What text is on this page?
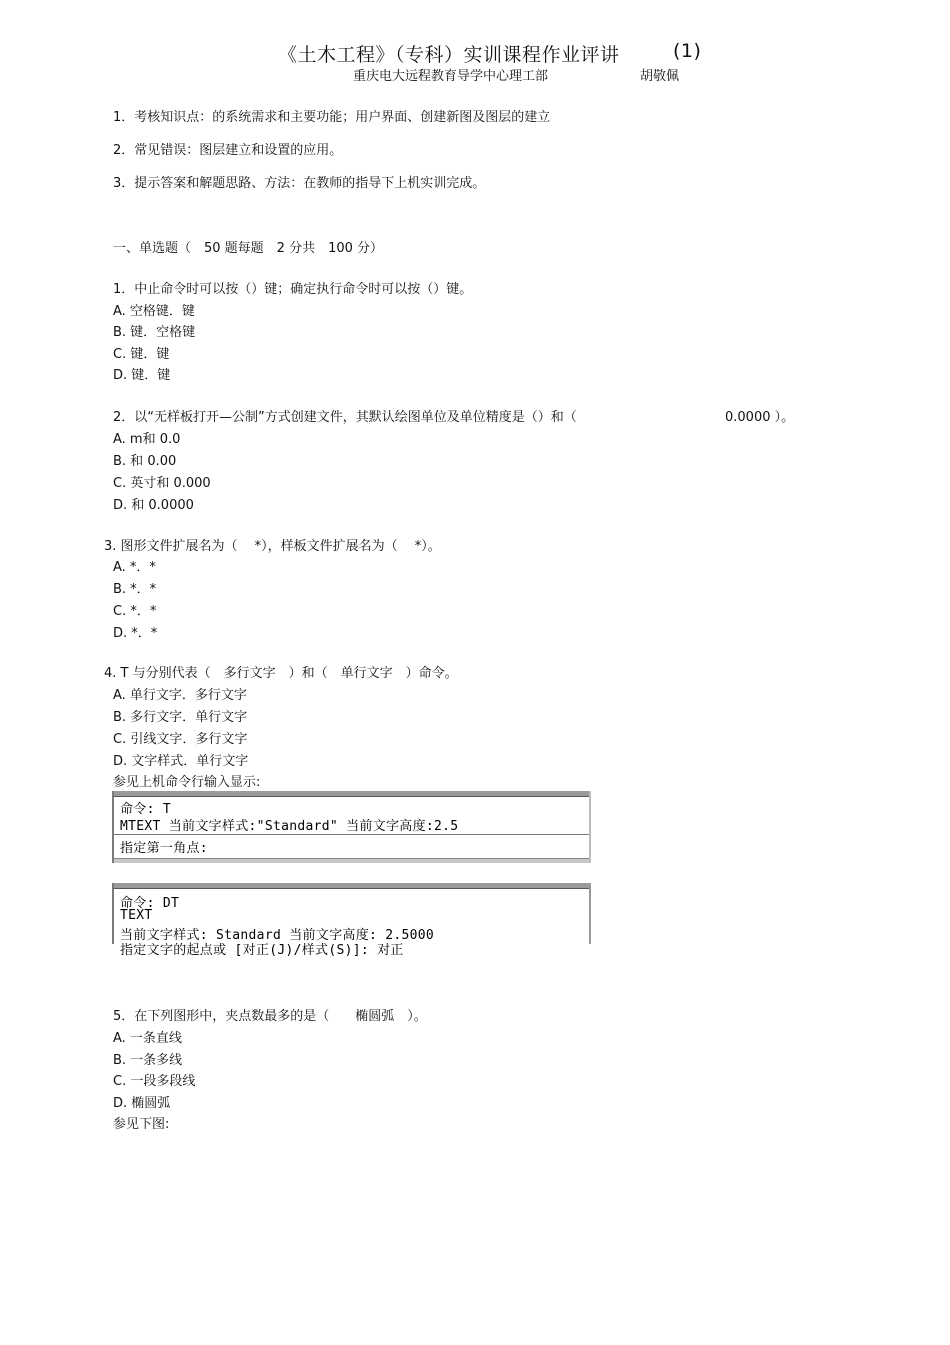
《土木工程》（专科）实训课程作业评讲	(1)
重庆电大远程教育导学中心理工部	胡敬佩
1．考核知识点：的系统需求和主要功能；用户界面、创建新图及图层的建立
2．常见错误：图层建立和设置的应用。
3．提示答案和解题思路、方法：在教师的指导下上机实训完成。
一、单选题（　50 题每题　2 分共　100 分）
1．中止命令时可以按（）键；确定执行命令时可以按（）键。
A. 空格键．键
B. 键．空格键
C. 键．键
D. 键．键
2．以“无样板打开—公制”方式创建文件，其默认绘图单位及单位精度是（）和（	0.0000 ）。
A. m和 0.0
B. 和 0.00
C. 英寸和 0.000
D. 和 0.0000
3. 图形文件扩展名为（　 *），样板文件扩展名为（　 *）。
A. *．*
B. *．*
C. *．*
D. *．*
4. T 与分别代表（　多行文字　）和（　单行文字　）命令。
A. 单行文字．多行文字
B. 多行文字．单行文字
C. 引线文字．多行文字
D. 文字样式．单行文字
参见上机命令行输入显示:
命令: T
MTEXT 当前文字样式:"Standard" 当前文字高度:2.5
指定第一角点:
命令: DT
TEXT
当前文字样式: Standard 当前文字高度: 2.5000
指定文字的起点或 [对正(J)/样式(S)]: 对正
5．在下列图形中，夹点数最多的是（　　椭圆弧　）。
A. 一条直线
B. 一条多线
C. 一段多段线
D. 椭圆弧
参见下图:
